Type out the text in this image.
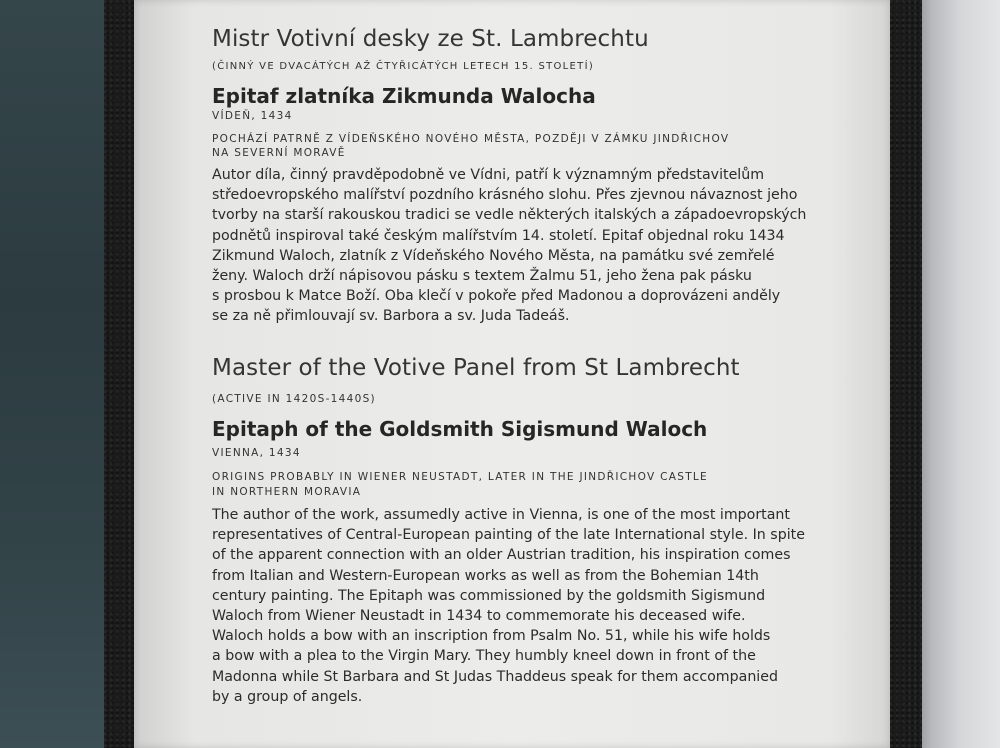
Mistr Votivní desky ze St. Lambrechtu
(ČINNÝ VE DVACÁTÝCH AŽ ČTYŘICÁTÝCH LETECH 15. STOLETÍ)
Epitaf zlatníka Zikmunda Walocha
VÍDEŇ, 1434
POCHÁZÍ PATRNĚ Z VÍDEŇSKÉHO NOVÉHO MĚSTA, POZDĚJI V ZÁMKU JINDŘICHOV
NA SEVERNÍ MORAVĚ
Autor díla, činný pravděpodobně ve Vídni, patří k významným představitelům
středoevropského malířství pozdního krásného slohu. Přes zjevnou návaznost jeho
tvorby na starší rakouskou tradici se vedle některých italských a západoevropských
podnětů inspiroval také českým malířstvím 14. století. Epitaf objednal roku 1434
Zikmund Waloch, zlatník z Vídeňského Nového Města, na památku své zemřelé
ženy. Waloch drží nápisovou pásku s textem Žalmu 51, jeho žena pak pásku
s prosbou k Matce Boží. Oba klečí v pokoře před Madonou a doprovázeni anděly
se za ně přimlouvají sv. Barbora a sv. Juda Tadeáš.
Master of the Votive Panel from St Lambrecht
(ACTIVE IN 1420S-1440S)
Epitaph of the Goldsmith Sigismund Waloch
VIENNA, 1434
ORIGINS PROBABLY IN WIENER NEUSTADT, LATER IN THE JINDŘICHOV CASTLE
IN NORTHERN MORAVIA
The author of the work, assumedly active in Vienna, is one of the most important
representatives of Central-European painting of the late International style. In spite
of the apparent connection with an older Austrian tradition, his inspiration comes
from Italian and Western-European works as well as from the Bohemian 14th
century painting. The Epitaph was commissioned by the goldsmith Sigismund
Waloch from Wiener Neustadt in 1434 to commemorate his deceased wife.
Waloch holds a bow with an inscription from Psalm No. 51, while his wife holds
a bow with a plea to the Virgin Mary. They humbly kneel down in front of the
Madonna while St Barbara and St Judas Thaddeus speak for them accompanied
by a group of angels.
